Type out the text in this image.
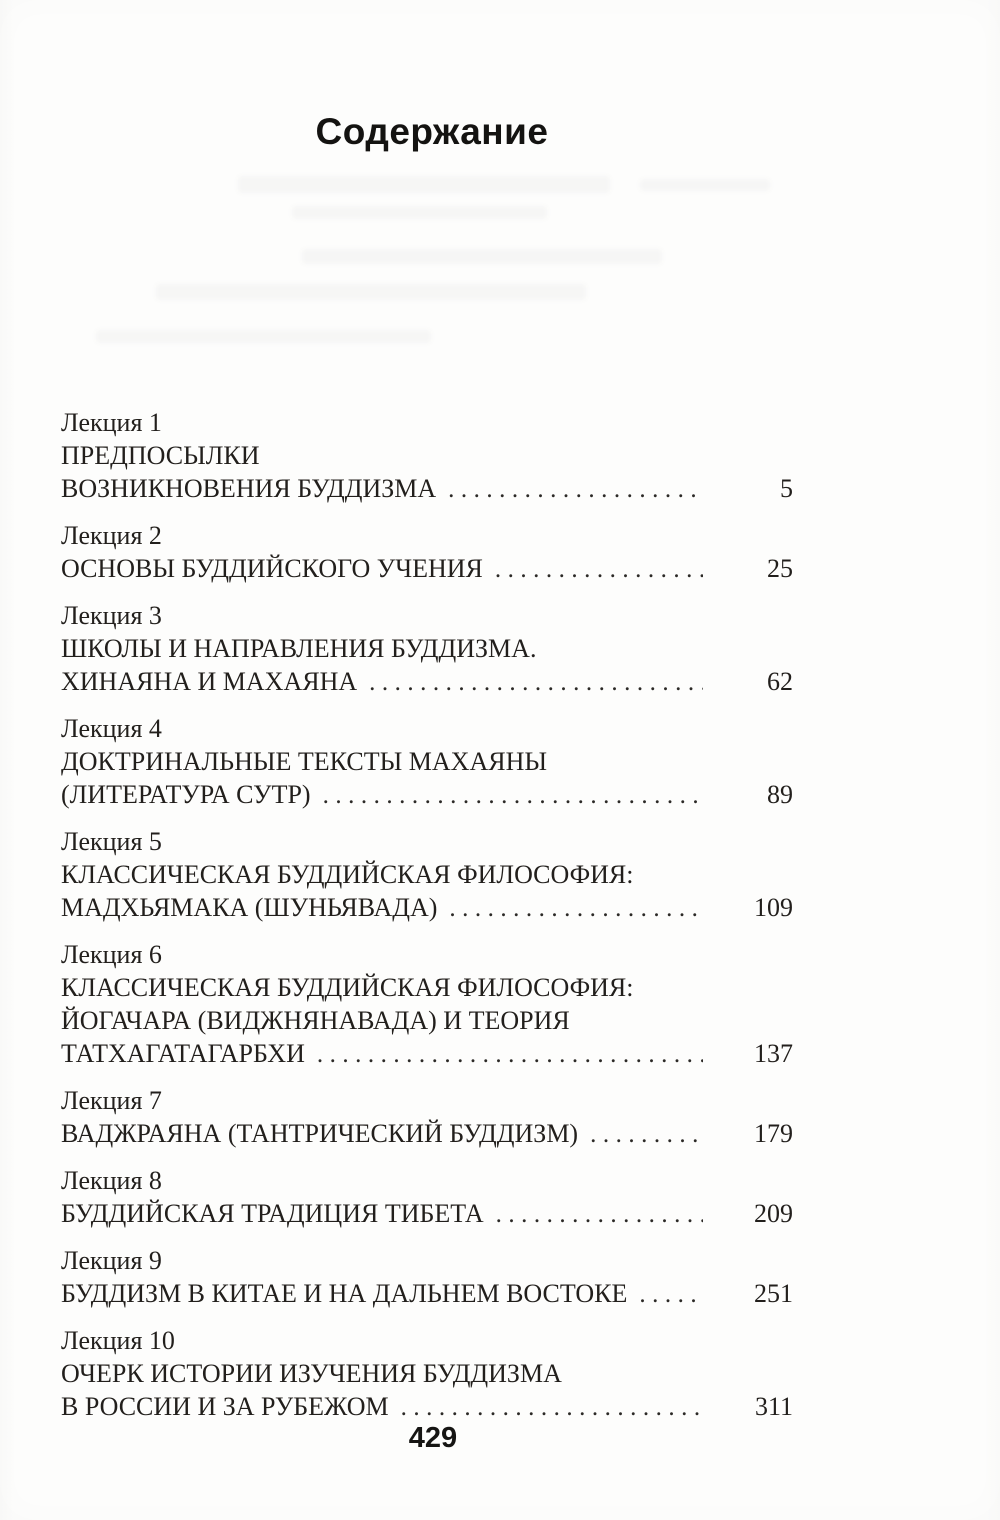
Содержание
Лекция 1
ПРЕДПОСЫЛКИ
ВОЗНИКНОВЕНИЯ БУДДИЗМА .....	5
Лекция 2
ОСНОВЫ БУДДИЙСКОГО УЧЕНИЯ .....	25
Лекция 3
ШКОЛЫ И НАПРАВЛЕНИЯ БУДДИЗМА.
ХИНАЯНА И МАХАЯНА .....	62
Лекция 4
ДОКТРИНАЛЬНЫЕ ТЕКСТЫ МАХАЯНЫ
(ЛИТЕРАТУРА СУТР) .....	89
Лекция 5
КЛАССИЧЕСКАЯ БУДДИЙСКАЯ ФИЛОСОФИЯ:
МАДХЬЯМАКА (ШУНЬЯВАДА) .....	109
Лекция 6
КЛАССИЧЕСКАЯ БУДДИЙСКАЯ ФИЛОСОФИЯ:
ЙОГАЧАРА (ВИДЖНЯНАВАДА) И ТЕОРИЯ
ТАТХАГАТАГАРБХИ .....	137
Лекция 7
ВАДЖРАЯНА (ТАНТРИЧЕСКИЙ БУДДИЗМ) .....	179
Лекция 8
БУДДИЙСКАЯ ТРАДИЦИЯ ТИБЕТА .....	209
Лекция 9
БУДДИЗМ В КИТАЕ И НА ДАЛЬНЕМ ВОСТОКЕ .....	251
Лекция 10
ОЧЕРК ИСТОРИИ ИЗУЧЕНИЯ БУДДИЗМА
В РОССИИ И ЗА РУБЕЖОМ .....	311
429
